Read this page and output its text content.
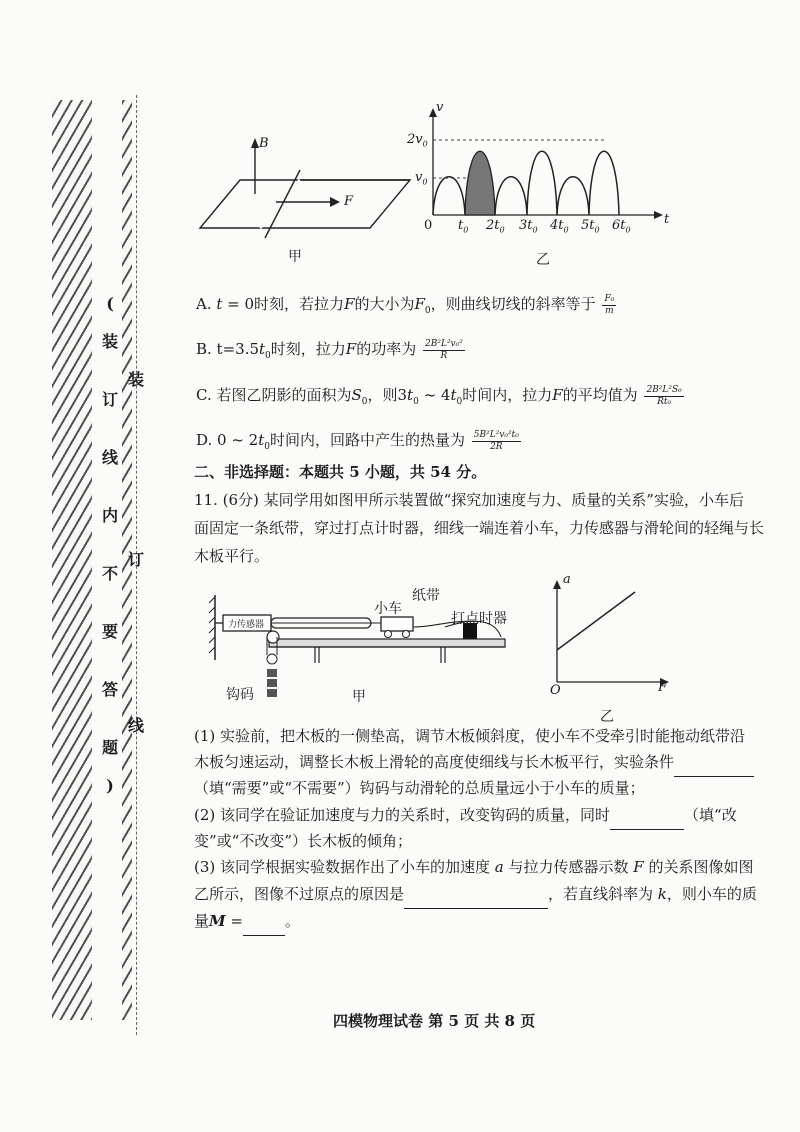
(
装
订
线
内
不
要
答
题
)
装
订
线
B
F
甲
v
t
0
$2v_0$
$v_0$
$t_0$ $2t_0$ $3t_0$ $4t_0$ $5t_0$ $6t_0$
乙
A. t = 0时刻，若拉力F的大小为$F_0$，则曲线切线的斜率等于 $\frac{\text{F₀}}{m}$
B. $t=3.5t_0$时刻，拉力F的功率为 $\frac{\text{2B²L²v₀²}}{R}$
C. 若图乙阴影的面积为$S_0$，则$3t_0$ ~ $4t_0$时间内，拉力F的平均值为 $\frac{\text{2B²L²S₀}}{\text{Rt₀}}$
D. 0 ~ $2t_0$时间内，回路中产生的热量为 $\frac{\text{5B²L²v₀²t₀}}{2R}$
二、非选择题：本题共 5 小题，共 54 分。
11. (6分) 某同学用如图甲所示装置做“探究加速度与力、质量的关系”实验，小车后
面固定一条纸带，穿过打点计时器，细线一端连着小车，力传感器与滑轮间的轻绳与长
木板平行。
力传感器
小车
纸带
打点时器
钩码	甲
a
F
O
乙
(1) 实验前，把木板的一侧垫高，调节木板倾斜度，使小车不受牵引时能拖动纸带沿
木板匀速运动，调整长木板上滑轮的高度使细线与长木板平行，实验条件
（填“需要”或“不需要”）钩码与动滑轮的总质量远小于小车的质量；
(2) 该同学在验证加速度与力的关系时，改变钩码的质量，同时	（填“改
变”或“不改变”）长木板的倾角；
(3) 该同学根据实验数据作出了小车的加速度 a 与拉力传感器示数 F 的关系图像如图
乙所示，图像不过原点的原因是	，若直线斜率为 k，则小车的质
量M =	。
四模物理试卷 第 5 页 共 8 页
